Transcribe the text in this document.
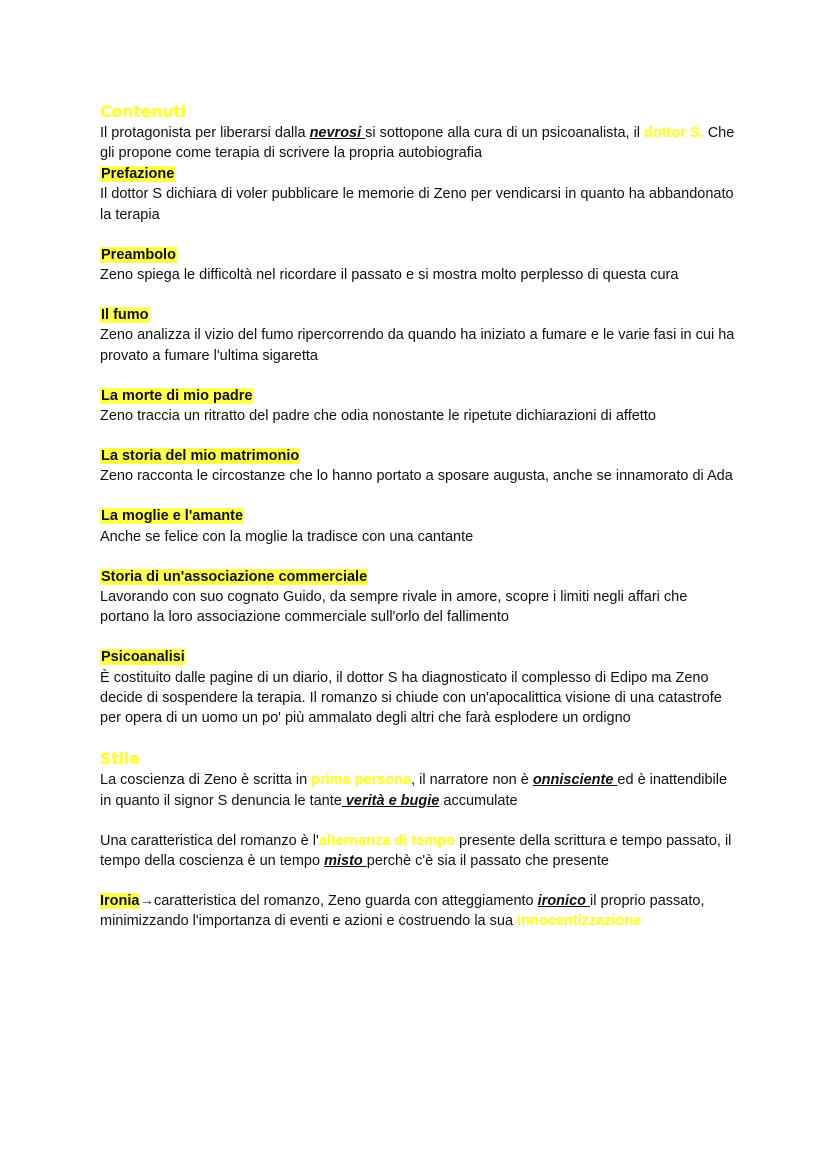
Contenuti

Il protagonista per liberarsi dalla nevrosi si sottopone alla cura di un psicoanalista, il dottor S. Che gli propone come terapia di scrivere la propria autobiografia

Prefazione

Il dottor S dichiara di voler pubblicare le memorie di Zeno per vendicarsi in quanto ha abbandonato la terapia

Preambolo

Zeno spiega le difficoltà nel ricordare il passato e si mostra molto perplesso di questa cura

Il fumo

Zeno analizza il vizio del fumo ripercorrendo da quando ha iniziato a fumare e le varie fasi in cui ha provato a fumare l'ultima sigaretta

La morte di mio padre

Zeno traccia un ritratto del padre che odia nonostante le ripetute dichiarazioni di affetto

La storia del mio matrimonio

Zeno racconta le circostanze che lo hanno portato a sposare augusta, anche se innamorato di Ada

La moglie e l'amante

Anche se felice con la moglie la tradisce con una cantante

Storia di un'associazione commerciale

Lavorando con suo cognato Guido, da sempre rivale in amore, scopre i limiti negli affari che portano la loro associazione commerciale sull'orlo del fallimento

Psicoanalisi

È costituito dalle pagine di un diario, il dottor S ha diagnosticato il complesso di Edipo ma Zeno decide di sospendere la terapia. Il romanzo si chiude con un'apocalittica visione di una catastrofe per opera di un uomo un po' più ammalato degli altri che farà esplodere un ordigno

Stile

La coscienza di Zeno è scritta in prima persona, il narratore non è onnisciente ed è inattendibile in quanto il signor S denuncia le tante verità e bugie accumulate

Una caratteristica del romanzo è l'alternanza di tempo presente della scrittura e tempo passato, il tempo della coscienza è un tempo misto perchè c'è sia il passato che presente

Ironia→caratteristica del romanzo, Zeno guarda con atteggiamento ironico il proprio passato, minimizzando l'importanza di eventi e azioni e costruendo la sua innocentizzazione
